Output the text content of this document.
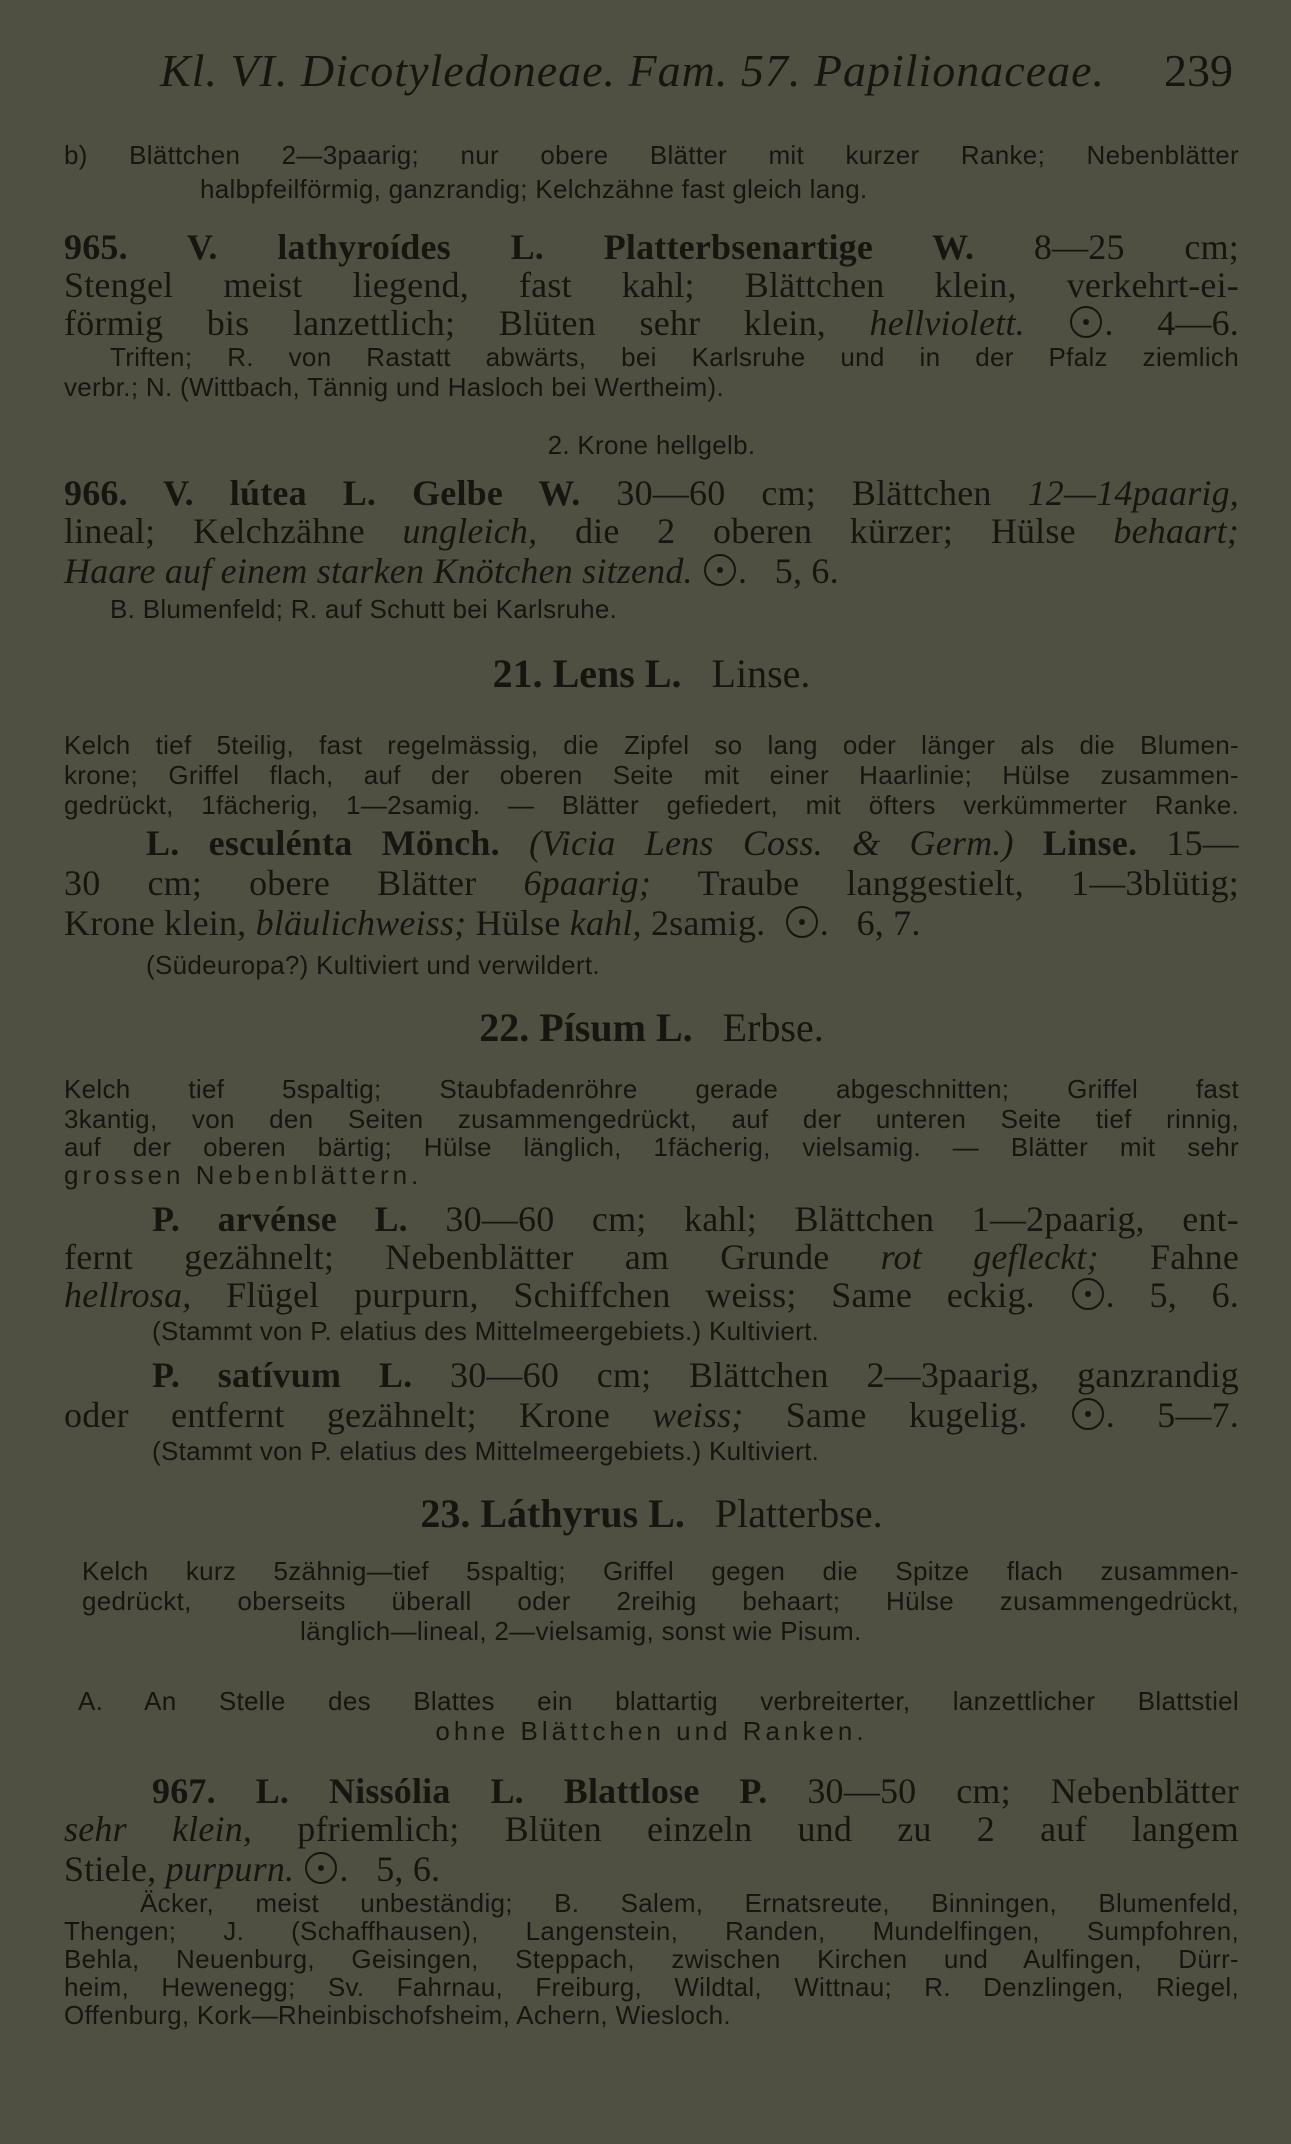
Kl. VI. Dicotyledoneae. Fam. 57. Papilionaceae. 239
b) Blättchen 2—3paarig; nur obere Blätter mit kurzer Ranke; Nebenblätter
halbpfeilförmig, ganzrandig; Kelchzähne fast gleich lang.
965. V. lathyroídes L. Platterbsenartige W. 8—25 cm;
Stengel meist liegend, fast kahl; Blättchen klein, verkehrt-ei-
förmig bis lanzettlich; Blüten sehr klein, hellviolett. . 4—6.
Triften; R. von Rastatt abwärts, bei Karlsruhe und in der Pfalz ziemlich
verbr.; N. (Wittbach, Tännig und Hasloch bei Wertheim).
2. Krone hellgelb.
966. V. lútea L. Gelbe W. 30—60 cm; Blättchen 12—14paarig,
lineal; Kelchzähne ungleich, die 2 oberen kürzer; Hülse behaart;
Haare auf einem starken Knötchen sitzend. .   5, 6.
B. Blumenfeld; R. auf Schutt bei Karlsruhe.
21. Lens L. Linse.
Kelch tief 5teilig, fast regelmässig, die Zipfel so lang oder länger als die Blumen-
krone; Griffel flach, auf der oberen Seite mit einer Haarlinie; Hülse zusammen-
gedrückt, 1fächerig, 1—2samig. — Blätter gefiedert, mit öfters verkümmerter Ranke.
L. esculénta Mönch. (Vicia Lens Coss. & Germ.) Linse. 15—
30 cm; obere Blätter 6paarig; Traube langgestielt, 1—3blütig;
Krone klein, bläulichweiss; Hülse kahl, 2samig. .   6, 7.
(Südeuropa?) Kultiviert und verwildert.
22. Písum L. Erbse.
Kelch tief 5spaltig; Staubfadenröhre gerade abgeschnitten; Griffel fast
3kantig, von den Seiten zusammengedrückt, auf der unteren Seite tief rinnig,
auf der oberen bärtig; Hülse länglich, 1fächerig, vielsamig. — Blätter mit sehr
grossen Nebenblättern.
P. arvénse L. 30—60 cm; kahl; Blättchen 1—2paarig, ent-
fernt gezähnelt; Nebenblätter am Grunde rot gefleckt; Fahne
hellrosa, Flügel purpurn, Schiffchen weiss; Same eckig. . 5, 6.
(Stammt von P. elatius des Mittelmeergebiets.) Kultiviert.
P. satívum L. 30—60 cm; Blättchen 2—3paarig, ganzrandig
oder entfernt gezähnelt; Krone weiss; Same kugelig. . 5—7.
(Stammt von P. elatius des Mittelmeergebiets.) Kultiviert.
23. Láthyrus L. Platterbse.
Kelch kurz 5zähnig—tief 5spaltig; Griffel gegen die Spitze flach zusammen-
gedrückt, oberseits überall oder 2reihig behaart; Hülse zusammengedrückt,
länglich—lineal, 2—vielsamig, sonst wie Pisum.
A. An Stelle des Blattes ein blattartig verbreiterter, lanzettlicher Blattstiel
ohne Blättchen und Ranken.
967. L. Nissólia L. Blattlose P. 30—50 cm; Nebenblätter
sehr klein, pfriemlich; Blüten einzeln und zu 2 auf langem
Stiele, purpurn. .   5, 6.
Äcker, meist unbeständig; B. Salem, Ernatsreute, Binningen, Blumenfeld,
Thengen; J. (Schaffhausen), Langenstein, Randen, Mundelfingen, Sumpfohren,
Behla, Neuenburg, Geisingen, Steppach, zwischen Kirchen und Aulfingen, Dürr-
heim, Hewenegg; Sv. Fahrnau, Freiburg, Wildtal, Wittnau; R. Denzlingen, Riegel,
Offenburg, Kork—Rheinbischofsheim, Achern, Wiesloch.
